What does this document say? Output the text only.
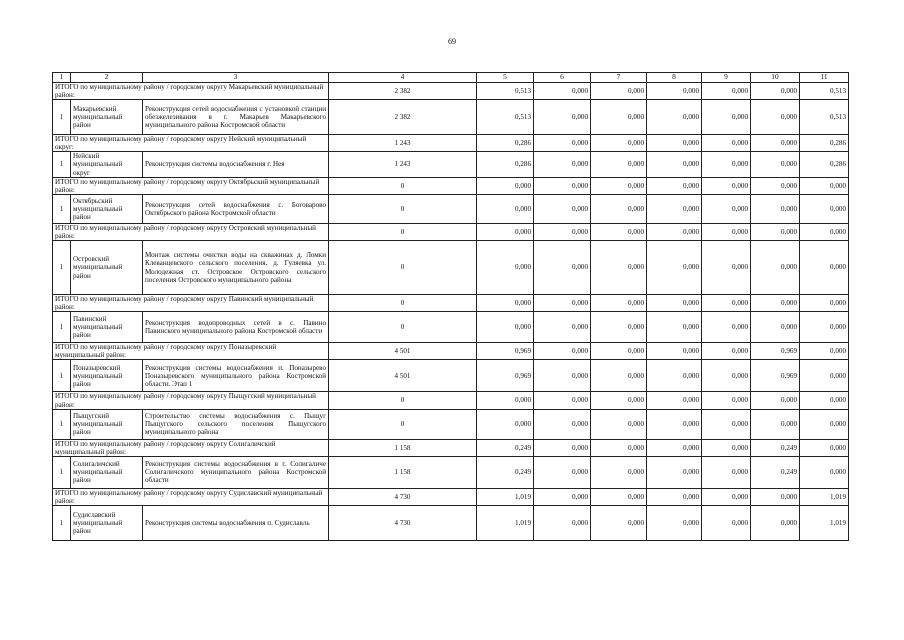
69
1	2	3	4	5	6	7	8	9	10	11
ИТОГО по муниципальному району / городскому округу Макарьевский муниципальный район:			2 382	0,513	0,000	0,000	0,000	0,000	0,000	0,513
1	Макарьевский муниципальный район	Реконструкция сетей водоснабжения с установкой станции обезжелезивания в г. Макарьев Макарьевского муниципального района Костромской области	2 382	0,513	0,000	0,000	0,000	0,000	0,000	0,513
ИТОГО по муниципальному району / городскому округу Нейский муниципальный округ:			1 243	0,286	0,000	0,000	0,000	0,000	0,000	0,286
1	Нейский муниципальный округ	Реконструкция системы водоснабжения г. Нея	1 243	0,286	0,000	0,000	0,000	0,000	0,000	0,286
ИТОГО по муниципальному району / городскому округу Октябрьский муниципальный район:			0	0,000	0,000	0,000	0,000	0,000	0,000	0,000
1	Октябрьский муниципальный район	Реконструкция сетей водоснабжения с. Боговарово Октябрьского района Костромской области	0	0,000	0,000	0,000	0,000	0,000	0,000	0,000
ИТОГО по муниципальному району / городскому округу Островский муниципальный район:			0	0,000	0,000	0,000	0,000	0,000	0,000	0,000
1	Островский муниципальный район	Монтаж системы очистки воды на скважинах д. Ломки Клеванцевского сельского поселения, д. Гуляевка ул. Молодежная ст. Островское Островского сельского поселения Островского муниципального района	0	0,000	0,000	0,000	0,000	0,000	0,000	0,000
ИТОГО по муниципальному району / городскому округу Павинский муниципальный район:			0	0,000	0,000	0,000	0,000	0,000	0,000	0,000
1	Павинский муниципальный район	Реконструкция водопроводных сетей в с. Павино Павинского муниципального района Костромской области	0	0,000	0,000	0,000	0,000	0,000	0,000	0,000
ИТОГО по муниципальному району / городскому округу Поназыревский муниципальный район:			4 501	0,969	0,000	0,000	0,000	0,000	0,969	0,000
1	Поназыревский муниципальный район	Реконструкция системы водоснабжения п. Поназырево Поназыревского муниципального района Костромской области. Этап 1	4 501	0,969	0,000	0,000	0,000	0,000	0,969	0,000
ИТОГО по муниципальному району / городскому округу Пыщугский муниципальный район:			0	0,000	0,000	0,000	0,000	0,000	0,000	0,000
1	Пыщугский муниципальный район	Строительство системы водоснабжения с. Пыщуг Пыщугского сельского поселения Пыщугского муниципального района	0	0,000	0,000	0,000	0,000	0,000	0,000	0,000
ИТОГО по муниципальному району / городскому округу Солигаличский муниципальный район:			1 158	0,249	0,000	0,000	0,000	0,000	0,249	0,000
1	Солигаличский муниципальный район	Реконструкция системы водоснабжения в г. Солигаличе Солигаличского муниципального района Костромской области	1 158	0,249	0,000	0,000	0,000	0,000	0,249	0,000
ИТОГО по муниципальному району / городскому округу Судиславский муниципальный район:			4 730	1,019	0,000	0,000	0,000	0,000	0,000	1,019
1	Судиславский муниципальный район	Реконструкция системы водоснабжения п. Судиславль	4 730	1,019	0,000	0,000	0,000	0,000	0,000	1,019
